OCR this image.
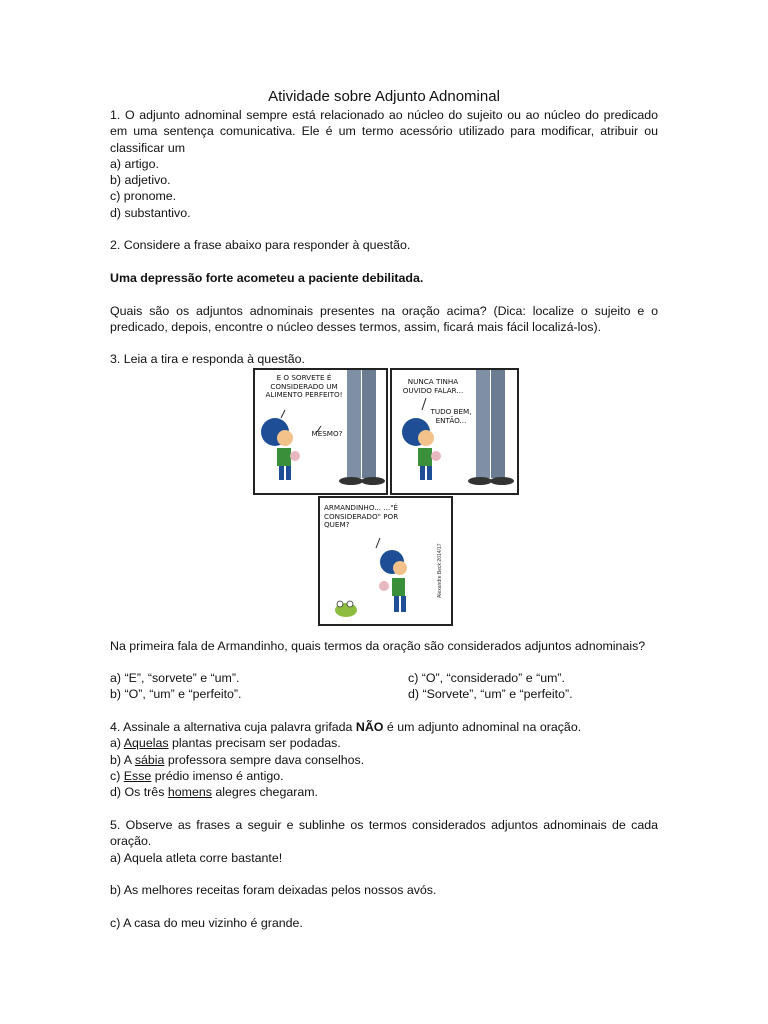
Atividade sobre Adjunto Adnominal

1. O adjunto adnominal sempre está relacionado ao núcleo do sujeito ou ao núcleo do predicado em uma sentença comunicativa. Ele é um termo acessório utilizado para modificar, atribuir ou classificar um

a) artigo.

b) adjetivo.

c) pronome.

d) substantivo.

2. Considere a frase abaixo para responder à questão.

Uma depressão forte acometeu a paciente debilitada.
Quais são os adjuntos adnominais presentes na oração acima? (Dica: localize o sujeito e o predicado, depois, encontre o núcleo desses termos, assim, ficará mais fácil localizá-los).
3. Leia a tira e responda à questão.
E O SORVETE É CONSIDERADO UM ALIMENTO PERFEITO!
MESMO?
NUNCA TINHA OUVIDO FALAR...
TUDO BEM, ENTÃO...
ARMANDINHO... ..."É CONSIDERADO" POR QUEM?
Alexandre Beck 2014/17
Na primeira fala de Armandinho, quais termos da oração são considerados adjuntos adnominais?

a) “E”, “sorvete” e “um”.	c) “O”, “considerado” e “um”.

b) “O”, “um” e “perfeito”.	d) “Sorvete”, “um” e “perfeito”.

4. Assinale a alternativa cuja palavra grifada NÃO é um adjunto adnominal na oração.

a) Aquelas plantas precisam ser podadas.

b) A sábia professora sempre dava conselhos.

c) Esse prédio imenso é antigo.

d) Os três homens alegres chegaram.

5. Observe as frases a seguir e sublinhe os termos considerados adjuntos adnominais de cada oração.

a) Aquela atleta corre bastante!

b) As melhores receitas foram deixadas pelos nossos avós.
c) A casa do meu vizinho é grande.
